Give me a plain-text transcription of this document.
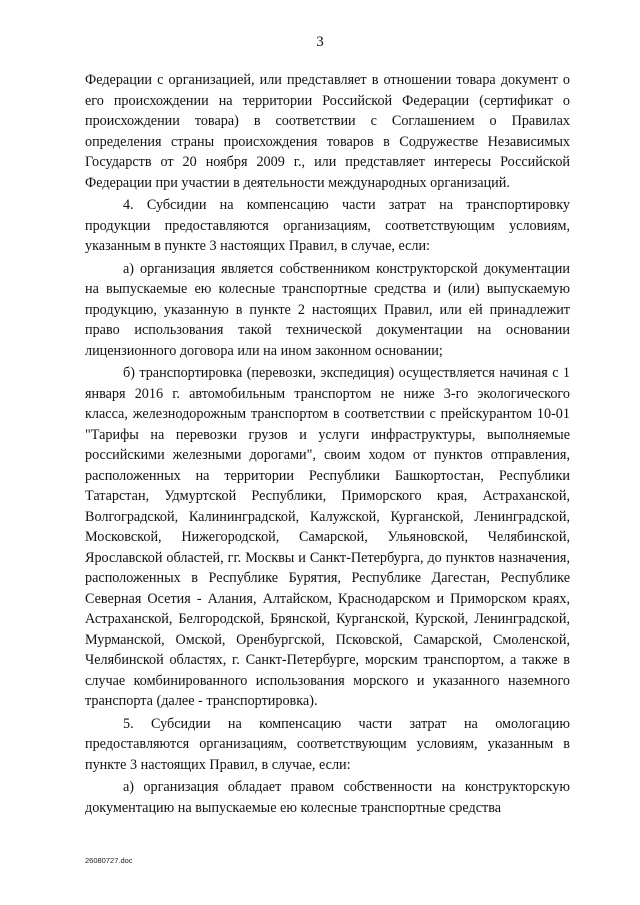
3

Федерации с организацией, или представляет в отношении товара документ о его происхождении на территории Российской Федерации (сертификат о происхождении товара) в соответствии с Соглашением о Правилах определения страны происхождения товаров в Содружестве Независимых Государств от 20 ноября 2009 г., или представляет интересы Российской Федерации при участии в деятельности международных организаций.

4. Субсидии на компенсацию части затрат на транспортировку продукции предоставляются организациям, соответствующим условиям, указанным в пункте 3 настоящих Правил, в случае, если:

а) организация является собственником конструкторской документации на выпускаемые ею колесные транспортные средства и (или) выпускаемую продукцию, указанную в пункте 2 настоящих Правил, или ей принадлежит право использования такой технической документации на основании лицензионного договора или на ином законном основании;

б) транспортировка (перевозки, экспедиция) осуществляется начиная с 1 января 2016 г. автомобильным транспортом не ниже 3-го экологического класса, железнодорожным транспортом в соответствии с прейскурантом 10-01 "Тарифы на перевозки грузов и услуги инфраструктуры, выполняемые российскими железными дорогами", своим ходом от пунктов отправления, расположенных на территории Республики Башкортостан, Республики Татарстан, Удмуртской Республики, Приморского края, Астраханской, Волгоградской, Калининградской, Калужской, Курганской, Ленинградской, Московской, Нижегородской, Самарской, Ульяновской, Челябинской, Ярославской областей, гг. Москвы и Санкт-Петербурга, до пунктов назначения, расположенных в Республике Бурятия, Республике Дагестан, Республике Северная Осетия - Алания, Алтайском, Краснодарском и Приморском краях, Астраханской, Белгородской, Брянской, Курганской, Курской, Ленинградской, Мурманской, Омской, Оренбургской, Псковской, Самарской, Смоленской, Челябинской областях, г. Санкт-Петербурге, морским транспортом, а также в случае комбинированного использования морского и указанного наземного транспорта (далее - транспортировка).

5. Субсидии на компенсацию части затрат на омологацию предоставляются организациям, соответствующим условиям, указанным в пункте 3 настоящих Правил, в случае, если:

а) организация обладает правом собственности на конструкторскую документацию на выпускаемые ею колесные транспортные средства

26080727.doc
